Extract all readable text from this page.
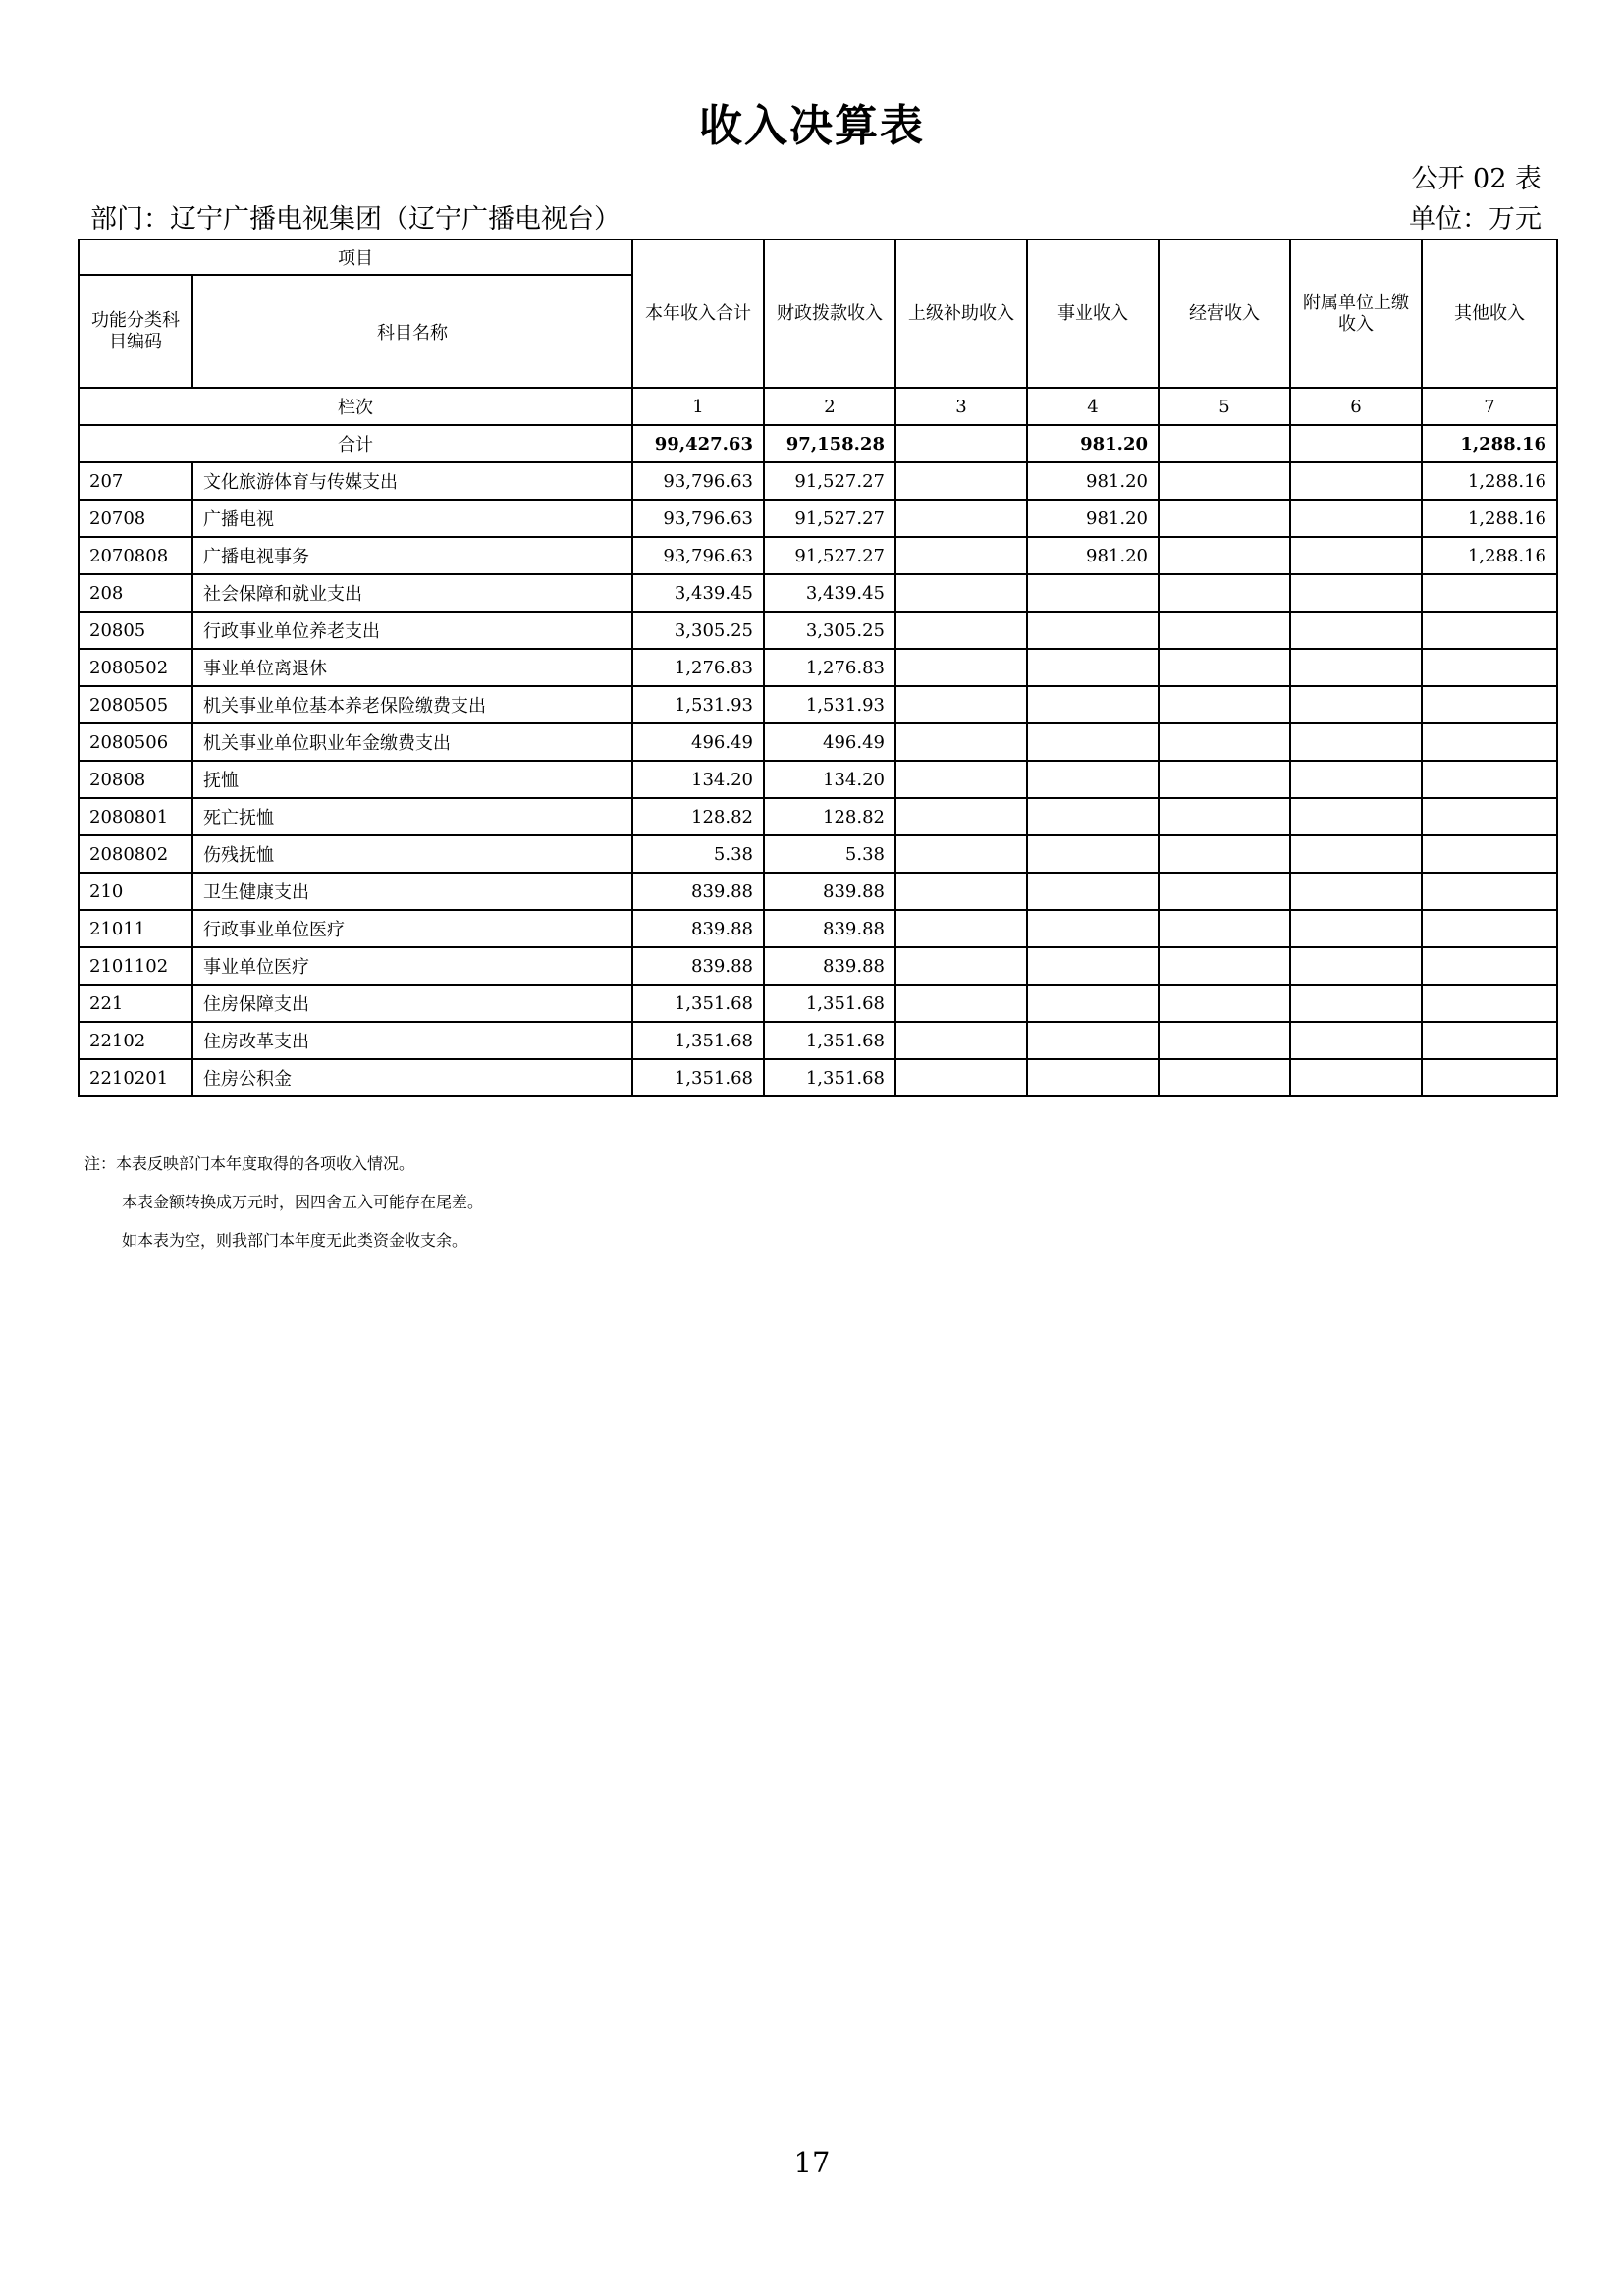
收入决算表
公开 02 表
部门：辽宁广播电视集团（辽宁广播电视台）	单位：万元
项目		本年收入合计	财政拨款收入	上级补助收入	事业收入	经营收入	附属单位上缴收入	其他收入
功能分类科目编码	科目名称							
栏次		1	2	3	4	5	6	7
合计		99,427.63	97,158.28		981.20			1,288.16
207	文化旅游体育与传媒支出	93,796.63	91,527.27		981.20			1,288.16
20708	广播电视	93,796.63	91,527.27		981.20			1,288.16
2070808	广播电视事务	93,796.63	91,527.27		981.20			1,288.16
208	社会保障和就业支出	3,439.45	3,439.45					
20805	行政事业单位养老支出	3,305.25	3,305.25					
2080502	事业单位离退休	1,276.83	1,276.83					
2080505	机关事业单位基本养老保险缴费支出	1,531.93	1,531.93					
2080506	机关事业单位职业年金缴费支出	496.49	496.49					
20808	抚恤	134.20	134.20					
2080801	死亡抚恤	128.82	128.82					
2080802	伤残抚恤	5.38	5.38					
210	卫生健康支出	839.88	839.88					
21011	行政事业单位医疗	839.88	839.88					
2101102	事业单位医疗	839.88	839.88					
221	住房保障支出	1,351.68	1,351.68					
22102	住房改革支出	1,351.68	1,351.68					
2210201	住房公积金	1,351.68	1,351.68					
注：本表反映部门本年度取得的各项收入情况。
本表金额转换成万元时，因四舍五入可能存在尾差。
如本表为空，则我部门本年度无此类资金收支余。
17
